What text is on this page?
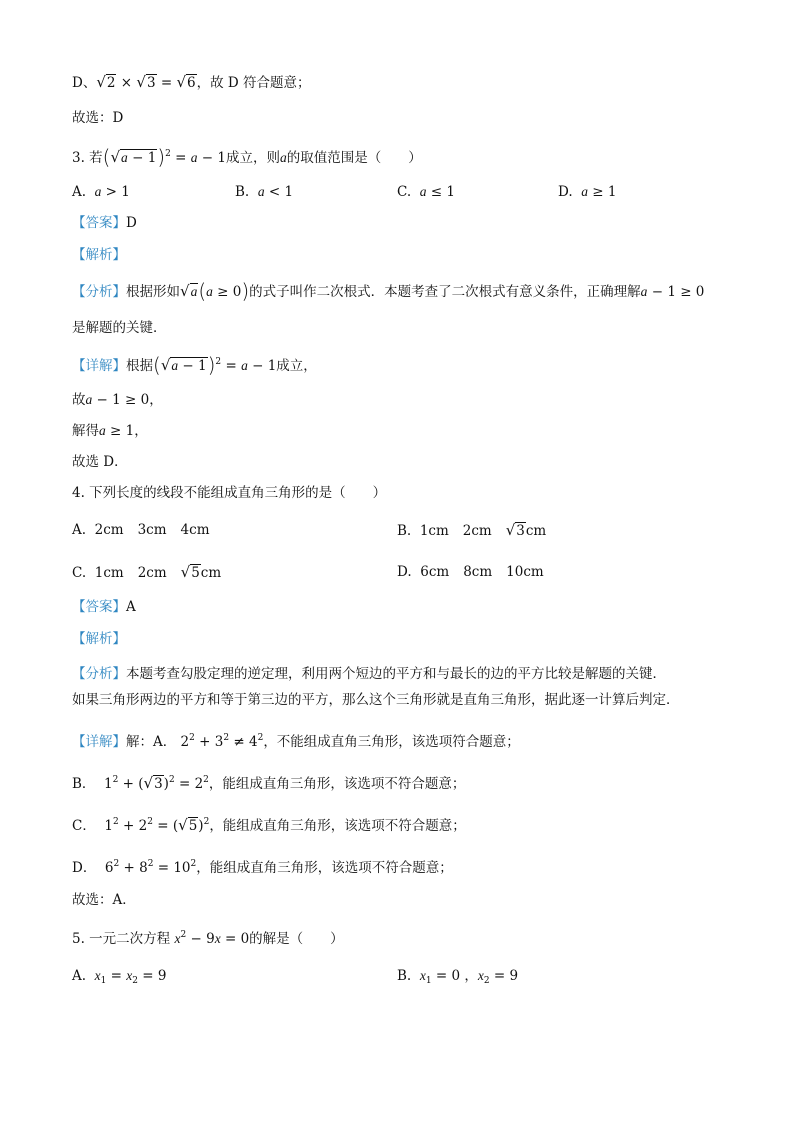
D、√2 × √3 = √6，故 D 符合题意；
故选：D
3. 若$(√a - 1)^2 = a - 1$成立，则a的取值范围是（　　）
A. a > 1	B. a < 1	C. a ≤ 1	D. a ≥ 1
【答案】D
【解析】
【分析】根据形如√a(a ≥ 0)的式子叫作二次根式．本题考查了二次根式有意义条件，正确理解a − 1 ≥ 0
是解题的关键．
【详解】根据$(√a - 1)^2 = a - 1$成立，
故a − 1 ≥ 0，
解得a ≥ 1，
故选 D．
4. 下列长度的线段不能组成直角三角形的是（　　）
A. 2cm 3cm 4cm	B. 1cm 2cm √3cm
C. 1cm 2cm √5cm	D. 6cm 8cm 10cm
【答案】A
【解析】
【分析】本题考查勾股定理的逆定理，利用两个短边的平方和与最长的边的平方比较是解题的关键．
如果三角形两边的平方和等于第三边的平方，那么这个三角形就是直角三角形，据此逐一计算后判定．
【详解】解：A． $2^2 + 3^2 \ne 4^2$，不能组成直角三角形，该选项符合题意；
B．  $1^2 + (√3)^2 = 2^2$，能组成直角三角形，该选项不符合题意；
C．  $1^2 + 2^2 = (√5)^2$，能组成直角三角形，该选项不符合题意；
D．  $6^2 + 8^2 = 10^2$，能组成直角三角形，该选项不符合题意；
故选：A．
5. 一元二次方程 $x^2 - 9x = 0$的解是（　　）
A. $x_1 = x_2 = 9$	B. $x_1 = 0$ ，$x_2 = 9$
